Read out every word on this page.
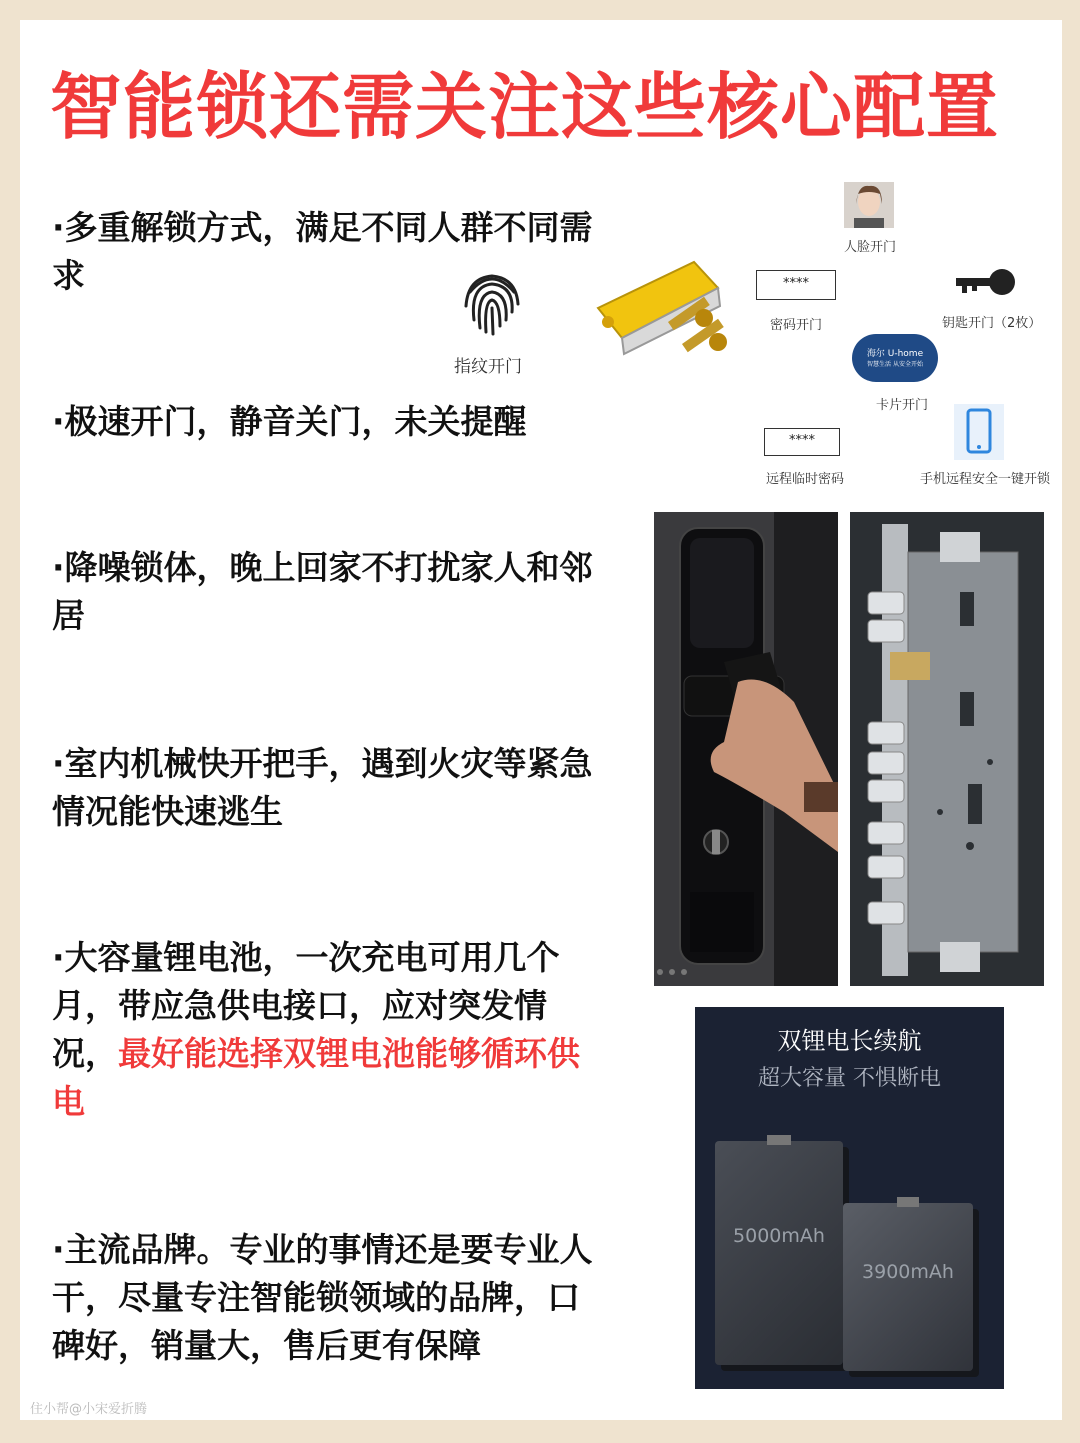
智能锁还需关注这些核心配置
·多重解锁方式，满足不同人群不同需求
·极速开门，静音关门，未关提醒
·降噪锁体，晚上回家不打扰家人和邻居
·室内机械快开把手，遇到火灾等紧急情况能快速逃生
·大容量锂电池，一次充电可用几个月，带应急供电接口，应对突发情况，最好能选择双锂电池能够循环供电
·主流品牌。专业的事情还是要专业人干，尽量专注智能锁领域的品牌，口碑好，销量大，售后更有保障
指纹开门
人脸开门
****
密码开门	钥匙开门（2枚）
海尔 U-home
智慧生活 从安全开始
卡片开门
****
远程临时密码	手机远程安全一键开锁
双锂电长续航
超大容量 不惧断电
5000mAh
3900mAh
住小帮@小宋爱折腾
